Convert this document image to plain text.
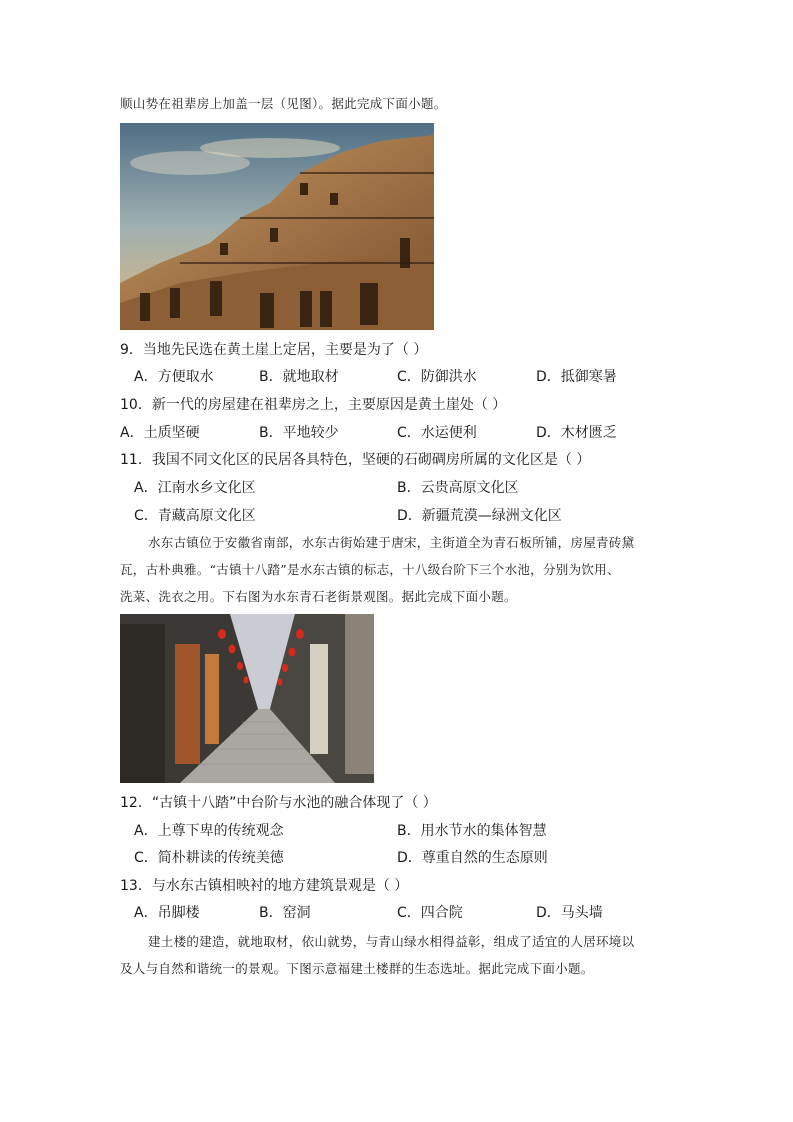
顺山势在祖辈房上加盖一层（见图）。据此完成下面小题。
9．当地先民选在黄土崖上定居，主要是为了（ ）
A．方便取水	B．就地取材	C．防御洪水	D．抵御寒暑
10．新一代的房屋建在祖辈房之上，主要原因是黄土崖处（ ）
A．土质坚硬	B．平地较少	C．水运便利	D．木材匮乏
11．我国不同文化区的民居各具特色，坚硬的石砌碉房所属的文化区是（ ）
A．江南水乡文化区	B．云贵高原文化区
C．青藏高原文化区	D．新疆荒漠—绿洲文化区
水东古镇位于安徽省南部，水东古街始建于唐宋，主街道全为青石板所铺，房屋青砖黛
瓦，古朴典雅。“古镇十八踏”是水东古镇的标志，十八级台阶下三个水池，分别为饮用、
洗菜、洗衣之用。下右图为水东青石老街景观图。据此完成下面小题。
12．“古镇十八踏”中台阶与水池的融合体现了（ ）
A．上尊下卑的传统观念	B．用水节水的集体智慧
C．简朴耕读的传统美德	D．尊重自然的生态原则
13．与水东古镇相映衬的地方建筑景观是（ ）
A．吊脚楼	B．窑洞	C．四合院	D．马头墙
建土楼的建造，就地取材，依山就势，与青山绿水相得益彰，组成了适宜的人居环境以
及人与自然和谐统一的景观。下图示意福建土楼群的生态选址。据此完成下面小题。
